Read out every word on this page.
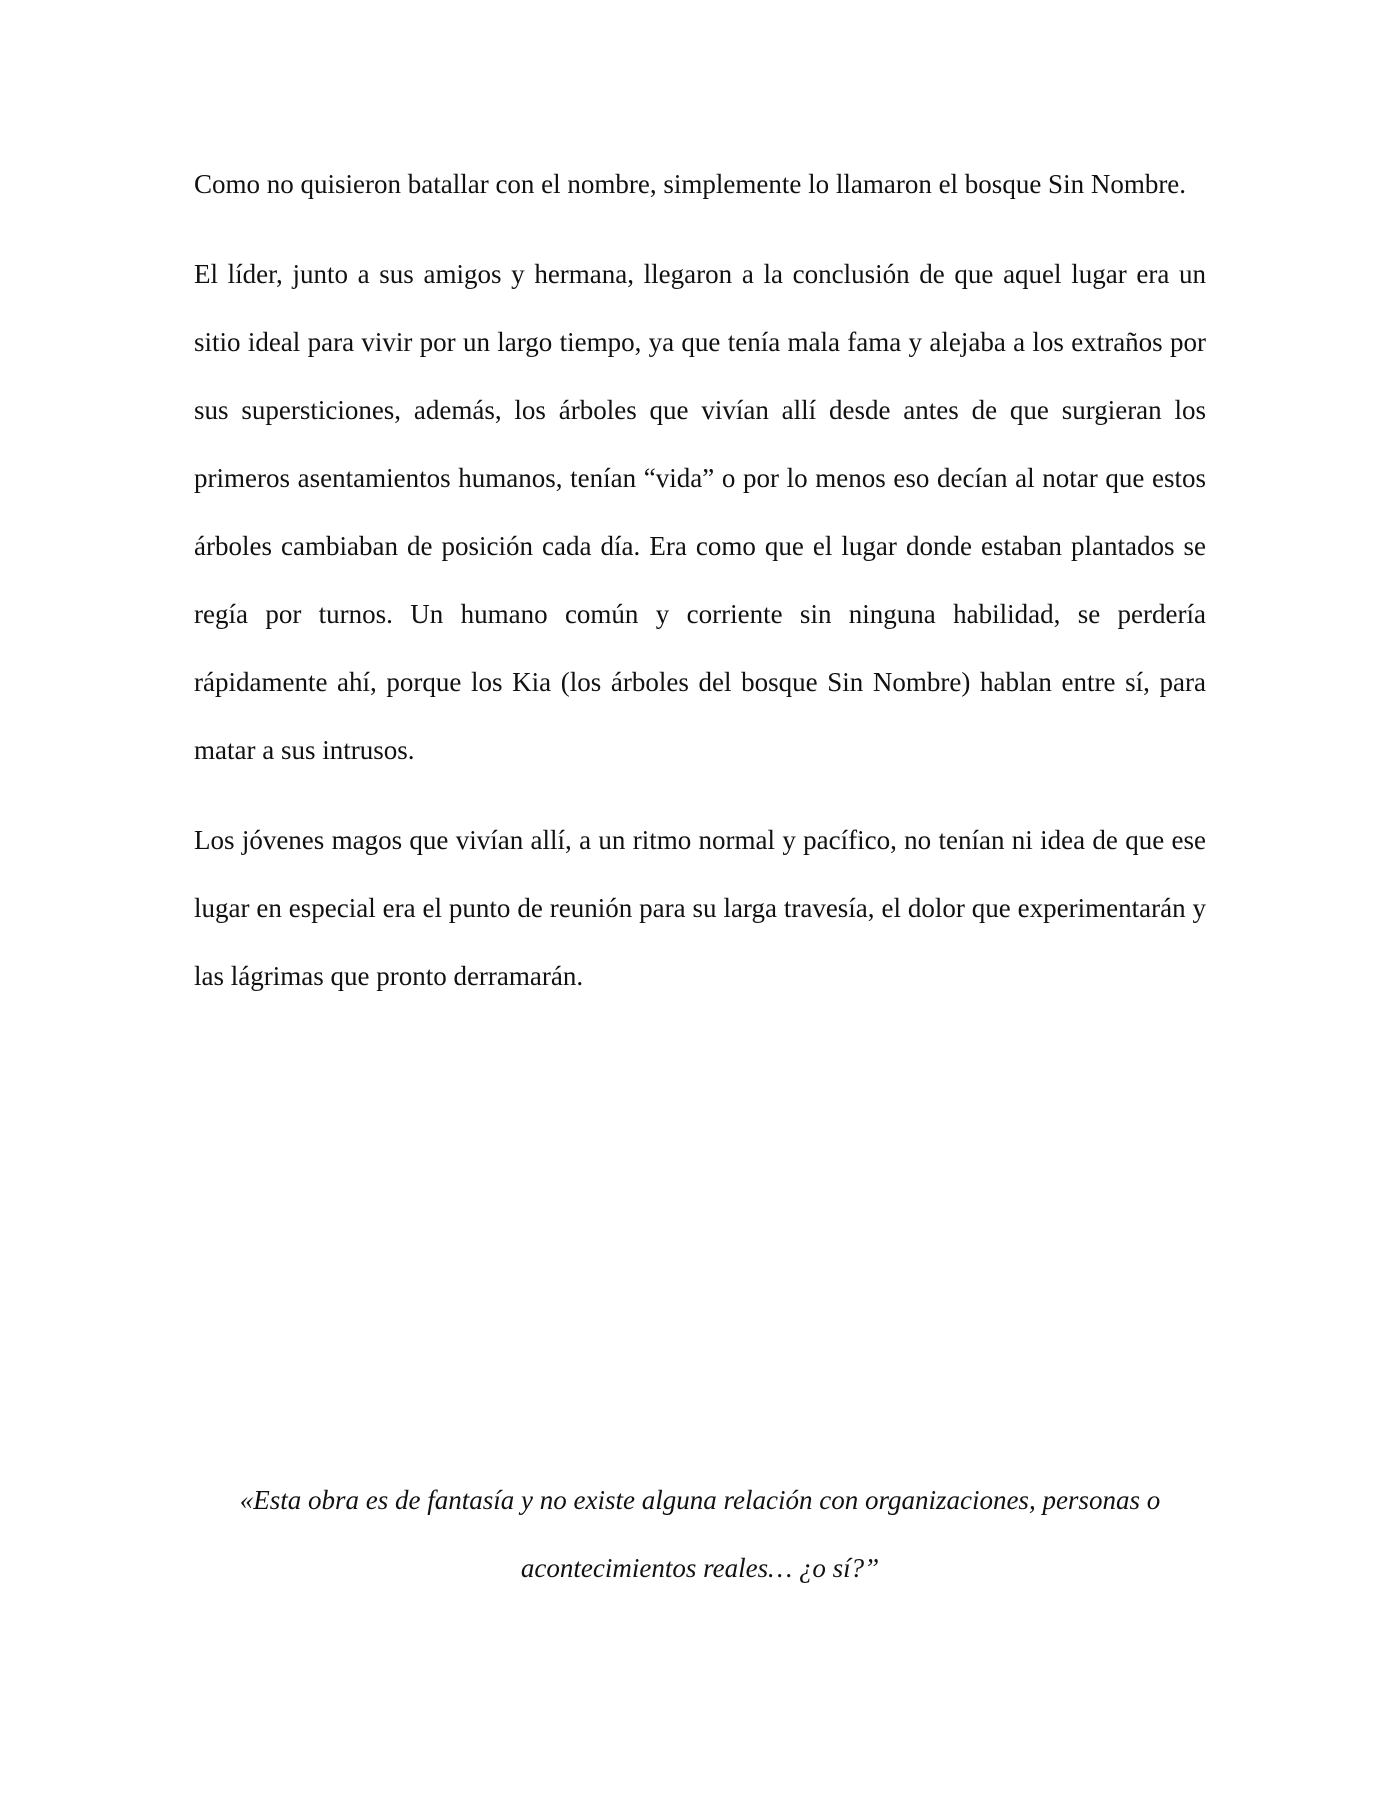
Como no quisieron batallar con el nombre, simplemente lo llamaron el bosque Sin Nombre.

El líder, junto a sus amigos y hermana, llegaron a la conclusión de que aquel lugar era un sitio ideal para vivir por un largo tiempo, ya que tenía mala fama y alejaba a los extraños por sus supersticiones, además, los árboles que vivían allí desde antes de que surgieran los primeros asentamientos humanos, tenían “vida” o por lo menos eso decían al notar que estos árboles cambiaban de posición cada día. Era como que el lugar donde estaban plantados se regía por turnos. Un humano común y corriente sin ninguna habilidad, se perdería rápidamente ahí, porque los Kia (los árboles del bosque Sin Nombre) hablan entre sí, para matar a sus intrusos.

Los jóvenes magos que vivían allí, a un ritmo normal y pacífico, no tenían ni idea de que ese lugar en especial era el punto de reunión para su larga travesía, el dolor que experimentarán y las lágrimas que pronto derramarán.

«Esta obra es de fantasía y no existe alguna relación con organizaciones, personas o acontecimientos reales… ¿o sí?”
